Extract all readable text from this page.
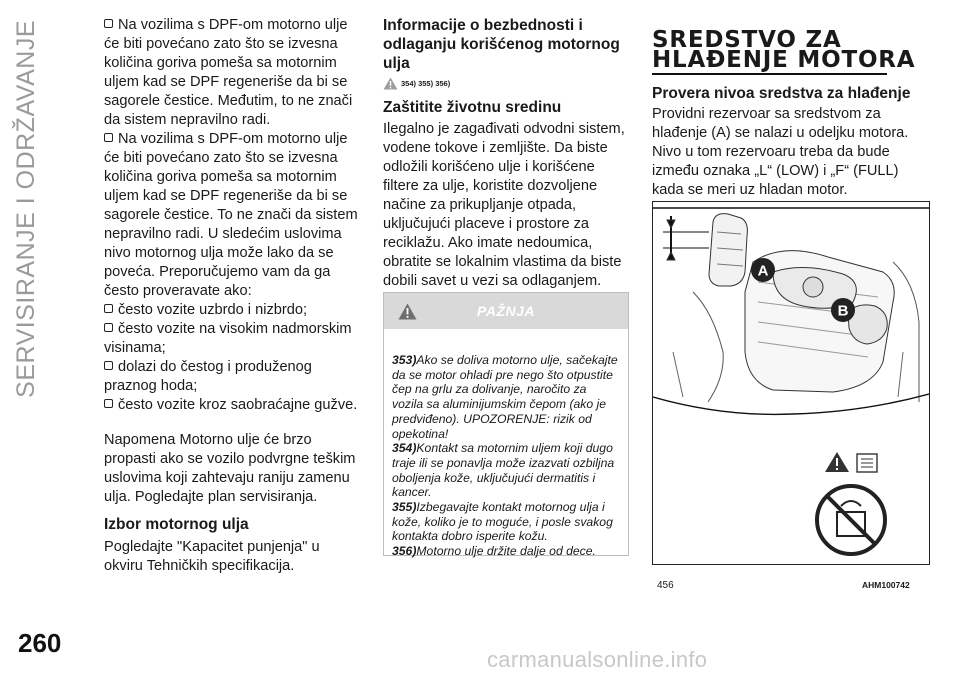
SERVISIRANJE I ODRŽAVANJE
260

Na vozilima s DPF-om motorno ulje će biti povećano zato što se izvesna količina goriva pomeša sa motornim uljem kad se DPF regeneriše da bi se sagorele čestice. Međutim, to ne znači da sistem nepravilno radi.

Na vozilima s DPF-om motorno ulje će biti povećano zato što se izvesna količina goriva pomeša sa motornim uljem kad se DPF regeneriše da bi se sagorele čestice. To ne znači da sistem nepravilno radi. U sledećim uslovima nivo motornog ulja može lako da se poveća. Preporučujemo vam da ga često proveravate ako:

često vozite uzbrdo i nizbrdo;

često vozite na visokim nadmorskim visinama;

dolazi do čestog i produženog praznog hoda;

često vozite kroz saobraćajne gužve.

Napomena Motorno ulje će brzo propasti ako se vozilo podvrgne teškim uslovima koji zahtevaju raniju zamenu ulja. Pogledajte plan servisiranja.

Izbor motornog ulja

Pogledajte "Kapacitet punjenja" u okviru Tehničkih specifikacija.

Informacije o bezbednosti i odlaganju korišćenog motornog ulja

354) 355) 356)

Zaštitite životnu sredinu

Ilegalno je zagađivati odvodni sistem, vodene tokove i zemljište. Da biste odložili korišćeno ulje i korišćene filtere za ulje, koristite dozvoljene načine za prikupljanje otpada, uključujući placeve i prostore za reciklažu. Ako imate nedoumica, obratite se lokalnim vlastima da biste dobili savet u vezi sa odlaganjem.

PAŽNJA
353)Ako se doliva motorno ulje, sačekajte da se motor ohladi pre nego što otpustite čep na grlu za dolivanje, naročito za vozila sa aluminijumskim čepom (ako je predviđeno). UPOZORENJE: rizik od opekotina!
354)Kontakt sa motornim uljem koji dugo traje ili se ponavlja može izazvati ozbiljna oboljenja kože, uključujući dermatitis i kancer.
355)Izbegavajte kontakt motornog ulja i kože, koliko je to moguće, i posle svakog kontakta dobro isperite kožu.
356)Motorno ulje držite dalje od dece.

SREDSTVO ZA

HLAĐENJE MOTORA

Provera nivoa sredstva za hlađenje

Providni rezervoar sa sredstvom za hlađenje (A) se nalazi u odeljku motora. Nivo u tom rezervoaru treba da bude između oznaka „L“ (LOW) i „F“ (FULL) kada se meri uz hladan motor.

A
B
456	AHM100742
carmanualsonline.info
